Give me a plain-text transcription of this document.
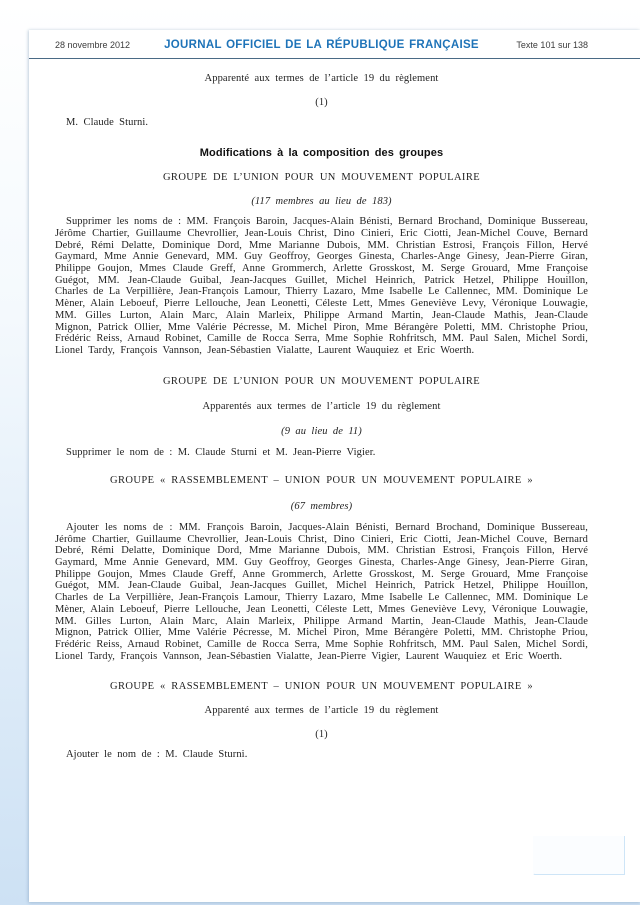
28 novembre 2012	JOURNAL OFFICIEL DE LA RÉPUBLIQUE FRANÇAISE	Texte 101 sur 138
Apparenté aux termes de l’article 19 du règlement
(1)
M. Claude Sturni.
Modifications à la composition des groupes
GROUPE DE L’UNION POUR UN MOUVEMENT POPULAIRE
(117 membres au lieu de 183)
Supprimer les noms de : MM. François Baroin, Jacques-Alain Bénisti, Bernard Brochand, Dominique Bussereau, Jérôme Chartier, Guillaume Chevrollier, Jean-Louis Christ, Dino Cinieri, Eric Ciotti, Jean-Michel Couve, Bernard Debré, Rémi Delatte, Dominique Dord, Mme Marianne Dubois, MM. Christian Estrosi, François Fillon, Hervé Gaymard, Mme Annie Genevard, MM. Guy Geoffroy, Georges Ginesta, Charles-Ange Ginesy, Jean-Pierre Giran, Philippe Goujon, Mmes Claude Greff, Anne Grommerch, Arlette Grosskost, M. Serge Grouard, Mme Françoise Guégot, MM. Jean-Claude Guibal, Jean-Jacques Guillet, Michel Heinrich, Patrick Hetzel, Philippe Houillon, Charles de La Verpillière, Jean-François Lamour, Thierry Lazaro, Mme Isabelle Le Callennec, MM. Dominique Le Mèner, Alain Leboeuf, Pierre Lellouche, Jean Leonetti, Céleste Lett, Mmes Geneviève Levy, Véronique Louwagie, MM. Gilles Lurton, Alain Marc, Alain Marleix, Philippe Armand Martin, Jean-Claude Mathis, Jean-Claude Mignon, Patrick Ollier, Mme Valérie Pécresse, M. Michel Piron, Mme Bérangère Poletti, MM. Christophe Priou, Frédéric Reiss, Arnaud Robinet, Camille de Rocca Serra, Mme Sophie Rohfritsch, MM. Paul Salen, Michel Sordi, Lionel Tardy, François Vannson, Jean-Sébastien Vialatte, Laurent Wauquiez et Eric Woerth.
GROUPE DE L’UNION POUR UN MOUVEMENT POPULAIRE
Apparentés aux termes de l’article 19 du règlement
(9 au lieu de 11)
Supprimer le nom de : M. Claude Sturni et M. Jean-Pierre Vigier.
GROUPE « RASSEMBLEMENT – UNION POUR UN MOUVEMENT POPULAIRE »
(67 membres)
Ajouter les noms de : MM. François Baroin, Jacques-Alain Bénisti, Bernard Brochand, Dominique Bussereau, Jérôme Chartier, Guillaume Chevrollier, Jean-Louis Christ, Dino Cinieri, Eric Ciotti, Jean-Michel Couve, Bernard Debré, Rémi Delatte, Dominique Dord, Mme Marianne Dubois, MM. Christian Estrosi, François Fillon, Hervé Gaymard, Mme Annie Genevard, MM. Guy Geoffroy, Georges Ginesta, Charles-Ange Ginesy, Jean-Pierre Giran, Philippe Goujon, Mmes Claude Greff, Anne Grommerch, Arlette Grosskost, M. Serge Grouard, Mme Françoise Guégot, MM. Jean-Claude Guibal, Jean-Jacques Guillet, Michel Heinrich, Patrick Hetzel, Philippe Houillon, Charles de La Verpillière, Jean-François Lamour, Thierry Lazaro, Mme Isabelle Le Callennec, MM. Dominique Le Mèner, Alain Leboeuf, Pierre Lellouche, Jean Leonetti, Céleste Lett, Mmes Geneviève Levy, Véronique Louwagie, MM. Gilles Lurton, Alain Marc, Alain Marleix, Philippe Armand Martin, Jean-Claude Mathis, Jean-Claude Mignon, Patrick Ollier, Mme Valérie Pécresse, M. Michel Piron, Mme Bérangère Poletti, MM. Christophe Priou, Frédéric Reiss, Arnaud Robinet, Camille de Rocca Serra, Mme Sophie Rohfritsch, MM. Paul Salen, Michel Sordi, Lionel Tardy, François Vannson, Jean-Sébastien Vialatte, Jean-Pierre Vigier, Laurent Wauquiez et Eric Woerth.
GROUPE « RASSEMBLEMENT – UNION POUR UN MOUVEMENT POPULAIRE »
Apparenté aux termes de l’article 19 du règlement
(1)
Ajouter le nom de : M. Claude Sturni.
